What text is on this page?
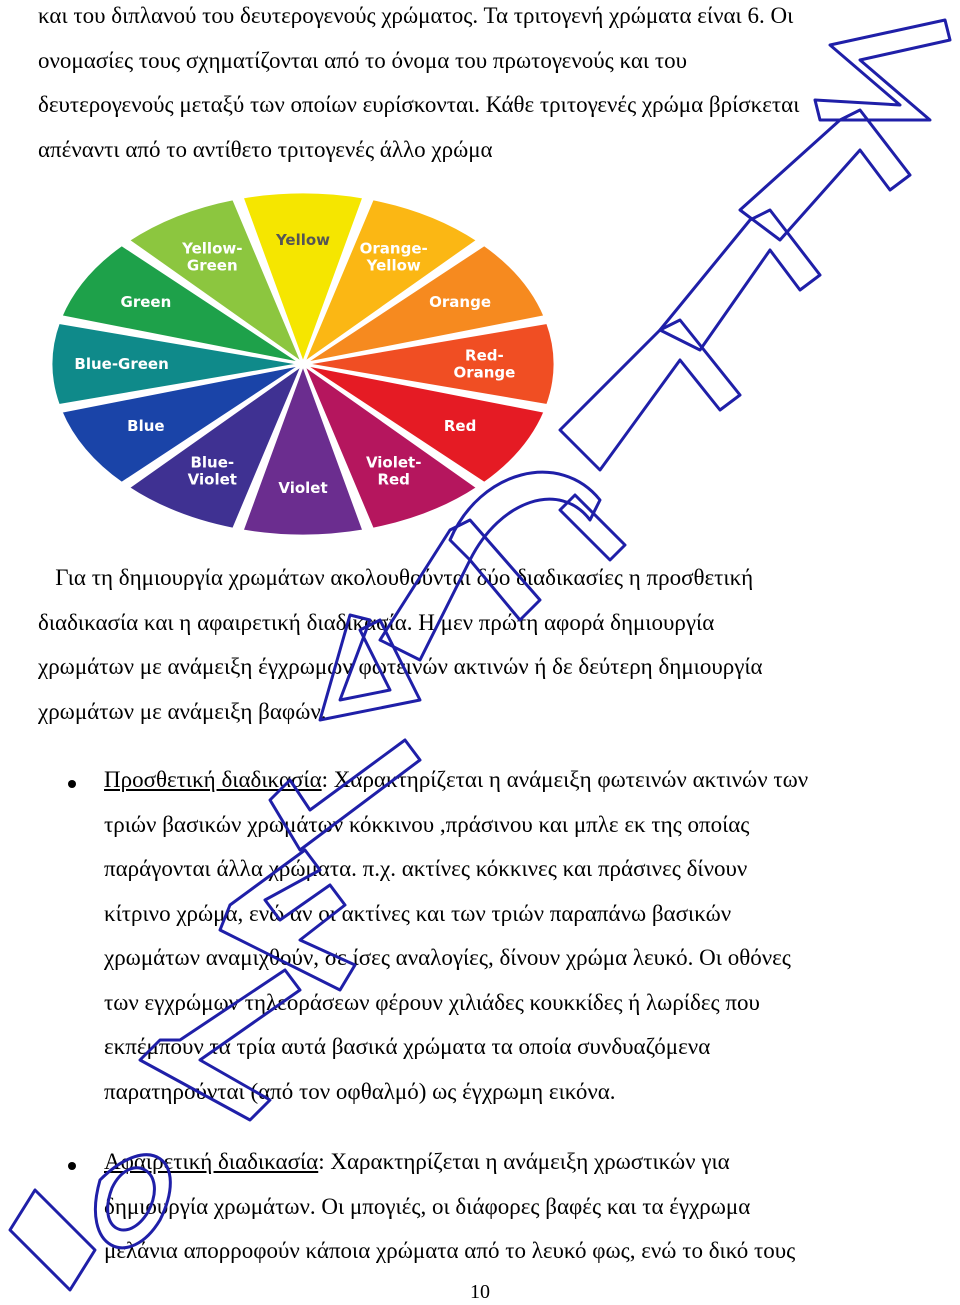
και του διπλανού του δευτερογενούς χρώματος. Τα τριτογενή χρώματα είναι 6. Οι
ονομασίες τους σχηματίζονται από το όνομα του πρωτογενούς και του
δευτερογενούς μεταξύ των οποίων ευρίσκονται. Κάθε τριτογενές χρώμα βρίσκεται
απέναντι από το αντίθετο τριτογενές άλλο χρώμα
Yellow Orange-Yellow
Orange
Red-Orange
Red
Violet-Red
Violet
Blue-Violet
Blue
Blue-Green
Green
Yellow-Green
Για τη δημιουργία χρωμάτων ακολουθούνται δύο διαδικασίες η προσθετική
διαδικασία και η αφαιρετική διαδικασία. Η μεν πρώτη αφορά δημιουργία
χρωμάτων με ανάμειξη έγχρωμων φωτεινών ακτινών ή δε δεύτερη δημιουργία
χρωμάτων με ανάμειξη βαφών.
Προσθετική διαδικασία: Χαρακτηρίζεται η ανάμειξη φωτεινών ακτινών των
τριών βασικών χρωμάτων κόκκινου ,πράσινου και μπλε εκ της οποίας
παράγονται άλλα χρώματα. π.χ. ακτίνες κόκκινες και πράσινες δίνουν
κίτρινο χρώμα, ενώ αν οι ακτίνες και των τριών παραπάνω βασικών
χρωμάτων αναμιχθούν, σε ίσες αναλογίες, δίνουν χρώμα λευκό. Οι οθόνες
των εγχρώμων τηλεοράσεων φέρουν χιλιάδες κουκκίδες ή λωρίδες που
εκπέμπουν τα τρία αυτά βασικά χρώματα τα οποία συνδυαζόμενα
παρατηρούνται (από τον οφθαλμό) ως έγχρωμη εικόνα.
Αφαιρετική διαδικασία: Χαρακτηρίζεται η ανάμειξη χρωστικών για
δημιουργία χρωμάτων. Οι μπογιές, οι διάφορες βαφές και τα έγχρωμα
μελάνια απορροφούν κάποια χρώματα από το λευκό φως, ενώ το δικό τους
10
